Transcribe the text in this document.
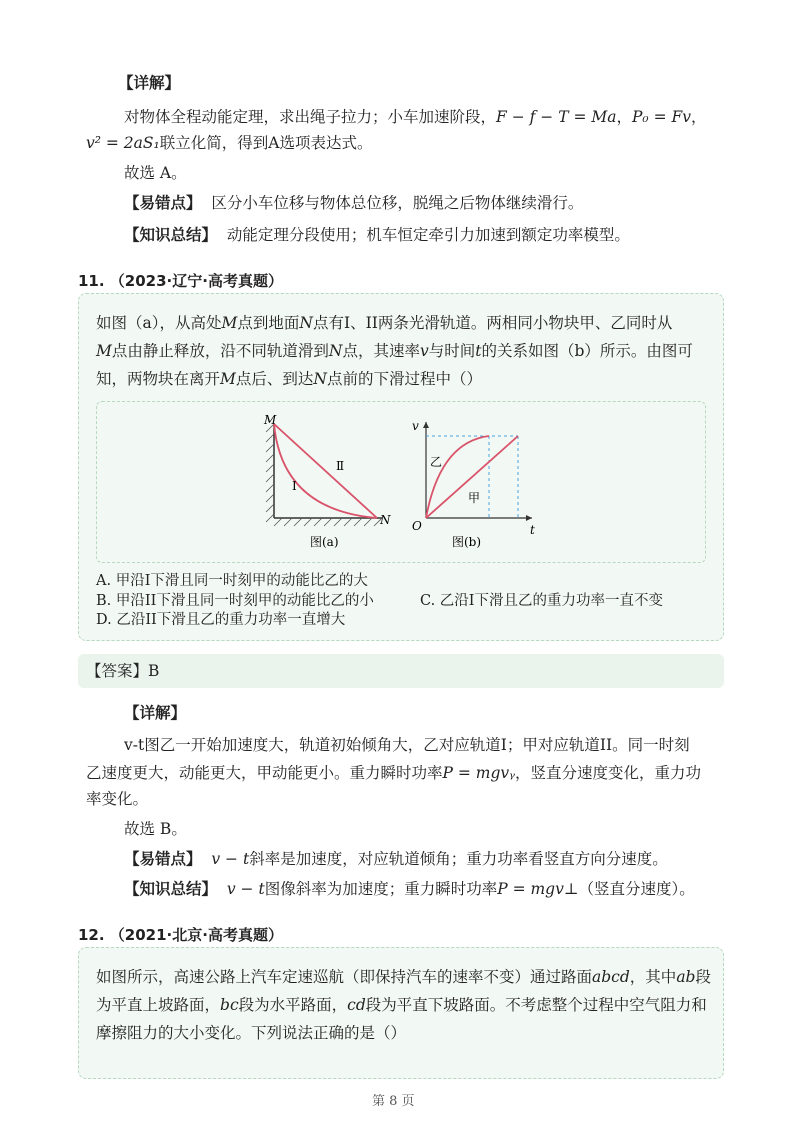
【详解】
对物体全程动能定理，求出绳子拉力；小车加速阶段，F − f − T = Ma，P₀ = Fv，
v² = 2aS₁联立化简，得到A选项表达式。
故选 A。
【易错点】 区分小车位移与物体总位移，脱绳之后物体继续滑行。
【知识总结】 动能定理分段使用；机车恒定牵引力加速到额定功率模型。
11. （2023·辽宁·高考真题）
如图（a），从高处M点到地面N点有I、II两条光滑轨道。两相同小物块甲、乙同时从
M点由静止释放，沿不同轨道滑到N点，其速率v与时间t的关系如图（b）所示。由图可
知，两物块在离开M点后、到达N点前的下滑过程中（）
M
N
I
Ⅱ
图(a)
v
t
O
乙
甲
图(b)
A. 甲沿I下滑且同一时刻甲的动能比乙的大
B. 甲沿II下滑且同一时刻甲的动能比乙的小	C. 乙沿I下滑且乙的重力功率一直不变
D. 乙沿II下滑且乙的重力功率一直增大
【答案】B
【详解】
v-t图乙一开始加速度大，轨道初始倾角大，乙对应轨道I；甲对应轨道II。同一时刻
乙速度更大，动能更大，甲动能更小。重力瞬时功率P = mgvᵧ，竖直分速度变化，重力功
率变化。
故选 B。
【易错点】 v − t斜率是加速度，对应轨道倾角；重力功率看竖直方向分速度。
【知识总结】 v − t图像斜率为加速度；重力瞬时功率P = mgv⊥（竖直分速度）。
12. （2021·北京·高考真题）
如图所示，高速公路上汽车定速巡航（即保持汽车的速率不变）通过路面abcd，其中ab段
为平直上坡路面，bc段为水平路面，cd段为平直下坡路面。不考虑整个过程中空气阻力和
摩擦阻力的大小变化。下列说法正确的是（）
第 8 页
